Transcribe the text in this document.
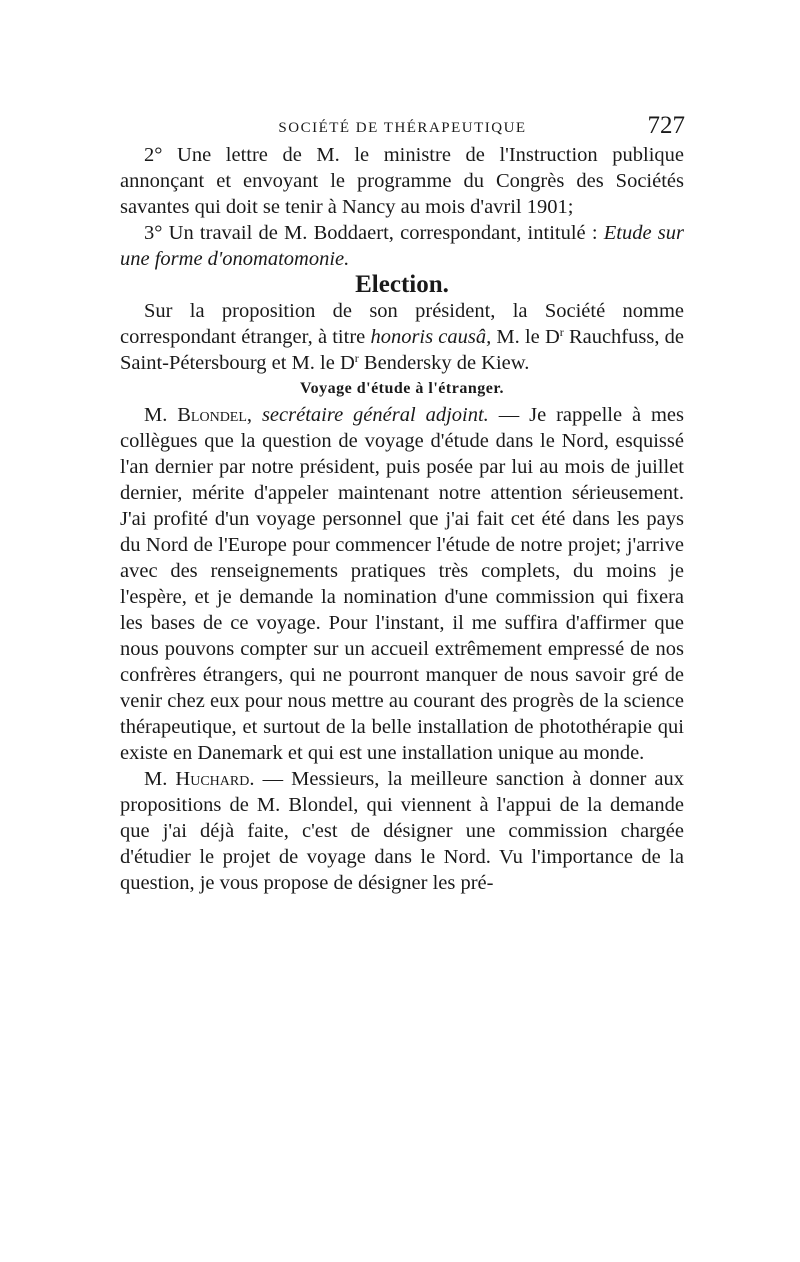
SOCIÉTÉ DE THÉRAPEUTIQUE	727

2° Une lettre de M. le ministre de l'Instruction publique annonçant et envoyant le programme du Congrès des Sociétés savantes qui doit se tenir à Nancy au mois d'avril 1901;

3° Un travail de M. Boddaert, correspondant, intitulé : Etude sur une forme d'onomatomonie.

Election.

Sur la proposition de son président, la Société nomme correspondant étranger, à titre honoris causâ, M. le $D^r$ Rauchfuss, de Saint-Pétersbourg et M. le $D^r$ Bendersky de Kiew.

Voyage d'étude à l'étranger.

M. Blondel, secrétaire général adjoint. — Je rappelle à mes collègues que la question de voyage d'étude dans le Nord, esquissé l'an dernier par notre président, puis posée par lui au mois de juillet dernier, mérite d'appeler maintenant notre attention sérieusement. J'ai profité d'un voyage personnel que j'ai fait cet été dans les pays du Nord de l'Europe pour commencer l'étude de notre projet; j'arrive avec des renseignements pratiques très complets, du moins je l'espère, et je demande la nomination d'une commission qui fixera les bases de ce voyage. Pour l'instant, il me suffira d'affirmer que nous pouvons compter sur un accueil extrêmement empressé de nos confrères étrangers, qui ne pourront manquer de nous savoir gré de venir chez eux pour nous mettre au courant des progrès de la science thérapeutique, et surtout de la belle installation de photothérapie qui existe en Danemark et qui est une installation unique au monde.

M. Huchard. — Messieurs, la meilleure sanction à donner aux propositions de M. Blondel, qui viennent à l'appui de la demande que j'ai déjà faite, c'est de désigner une commission chargée d'étudier le projet de voyage dans le Nord. Vu l'importance de la question, je vous propose de désigner les pré-
